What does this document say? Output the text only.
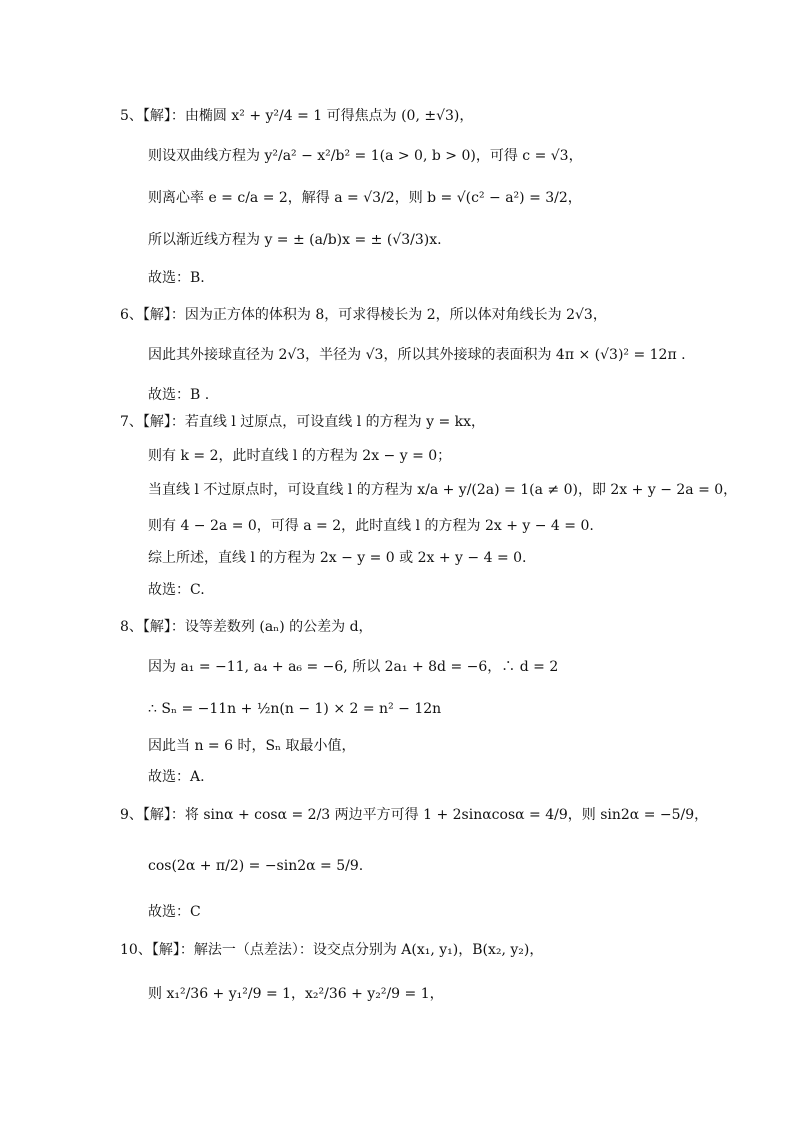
5、【解】：由椭圆 x² + y²/4 = 1 可得焦点为 (0, ±√3)，
则设双曲线方程为 y²/a² − x²/b² = 1(a > 0, b > 0)，可得 c = √3，
则离心率 e = c/a = 2，解得 a = √3/2，则 b = √(c² − a²) = 3/2，
所以渐近线方程为 y = ± (a/b)x = ± (√3/3)x.
故选：B.
6、【解】：因为正方体的体积为 8，可求得棱长为 2，所以体对角线长为 2√3，
因此其外接球直径为 2√3，半径为 √3，所以其外接球的表面积为 4π × (√3)² = 12π .
故选：B .
7、【解】：若直线 l 过原点，可设直线 l 的方程为 y = kx，
则有 k = 2，此时直线 l 的方程为 2x − y = 0；
当直线 l 不过原点时，可设直线 l 的方程为 x/a + y/(2a) = 1(a ≠ 0)，即 2x + y − 2a = 0，
则有 4 − 2a = 0，可得 a = 2，此时直线 l 的方程为 2x + y − 4 = 0.
综上所述，直线 l 的方程为 2x − y = 0 或 2x + y − 4 = 0.
故选：C.
8、【解】：设等差数列 (aₙ) 的公差为 d，
因为 a₁ = −11, a₄ + a₆ = −6, 所以 2a₁ + 8d = −6，∴ d = 2
∴ Sₙ = −11n + ½n(n − 1) × 2 = n² − 12n
因此当 n = 6 时，Sₙ 取最小值，
故选：A.
9、【解】：将 sinα + cosα = 2/3 两边平方可得 1 + 2sinαcosα = 4/9，则 sin2α = −5/9，
cos(2α + π/2) = −sin2α = 5/9.
故选：C
10、【解】：解法一（点差法）：设交点分别为 A(x₁, y₁)，B(x₂, y₂)，
则 x₁²/36 + y₁²/9 = 1，x₂²/36 + y₂²/9 = 1，
